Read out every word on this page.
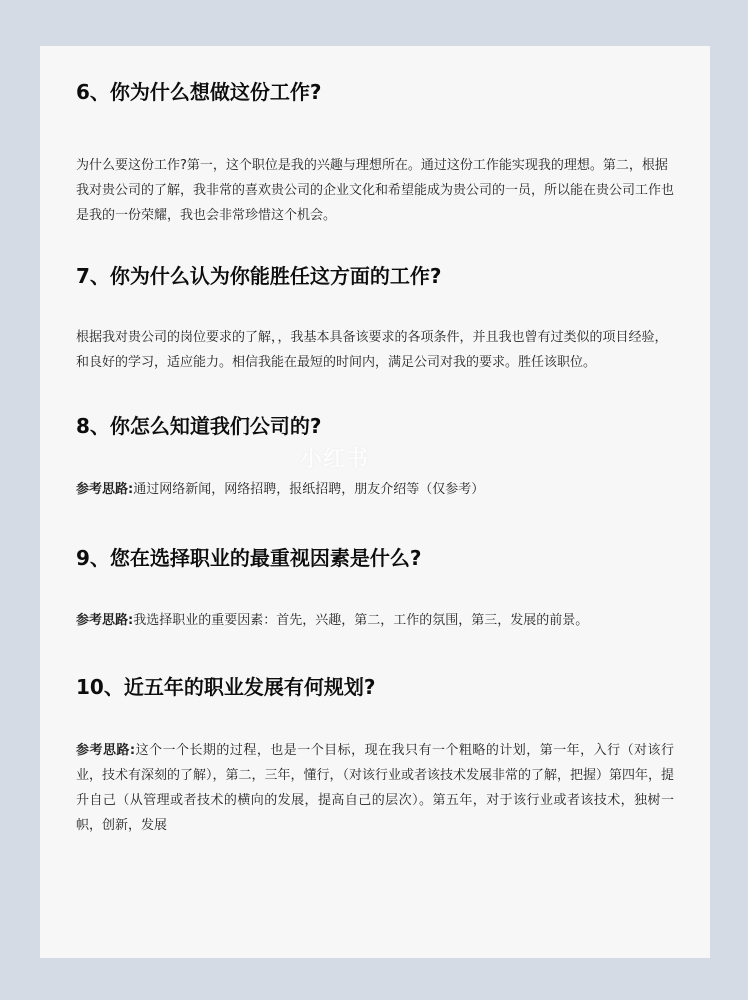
6、你为什么想做这份工作?

为什么要这份工作?第一，这个职位是我的兴趣与理想所在。通过这份工作能实现我的理想。第二，根据我对贵公司的了解，我非常的喜欢贵公司的企业文化和希望能成为贵公司的一员，所以能在贵公司工作也是我的一份荣耀，我也会非常珍惜这个机会。

7、你为什么认为你能胜任这方面的工作?

根据我对贵公司的岗位要求的了解，，我基本具备该要求的各项条件，并且我也曾有过类似的项目经验，和良好的学习，适应能力。相信我能在最短的时间内，满足公司对我的要求。胜任该职位。

8、你怎么知道我们公司的?

参考思路:通过网络新闻，网络招聘，报纸招聘，朋友介绍等（仅参考）

9、您在选择职业的最重视因素是什么?

参考思路:我选择职业的重要因素：首先，兴趣，第二，工作的氛围，第三，发展的前景。

10、近五年的职业发展有何规划?

参考思路:这个一个长期的过程，也是一个目标，现在我只有一个粗略的计划，第一年，入行（对该行业，技术有深刻的了解），第二，三年，懂行，（对该行业或者该技术发展非常的了解，把握）第四年，提升自己（从管理或者技术的横向的发展，提高自己的层次）。第五年，对于该行业或者该技术，独树一帜，创新，发展

小红书
